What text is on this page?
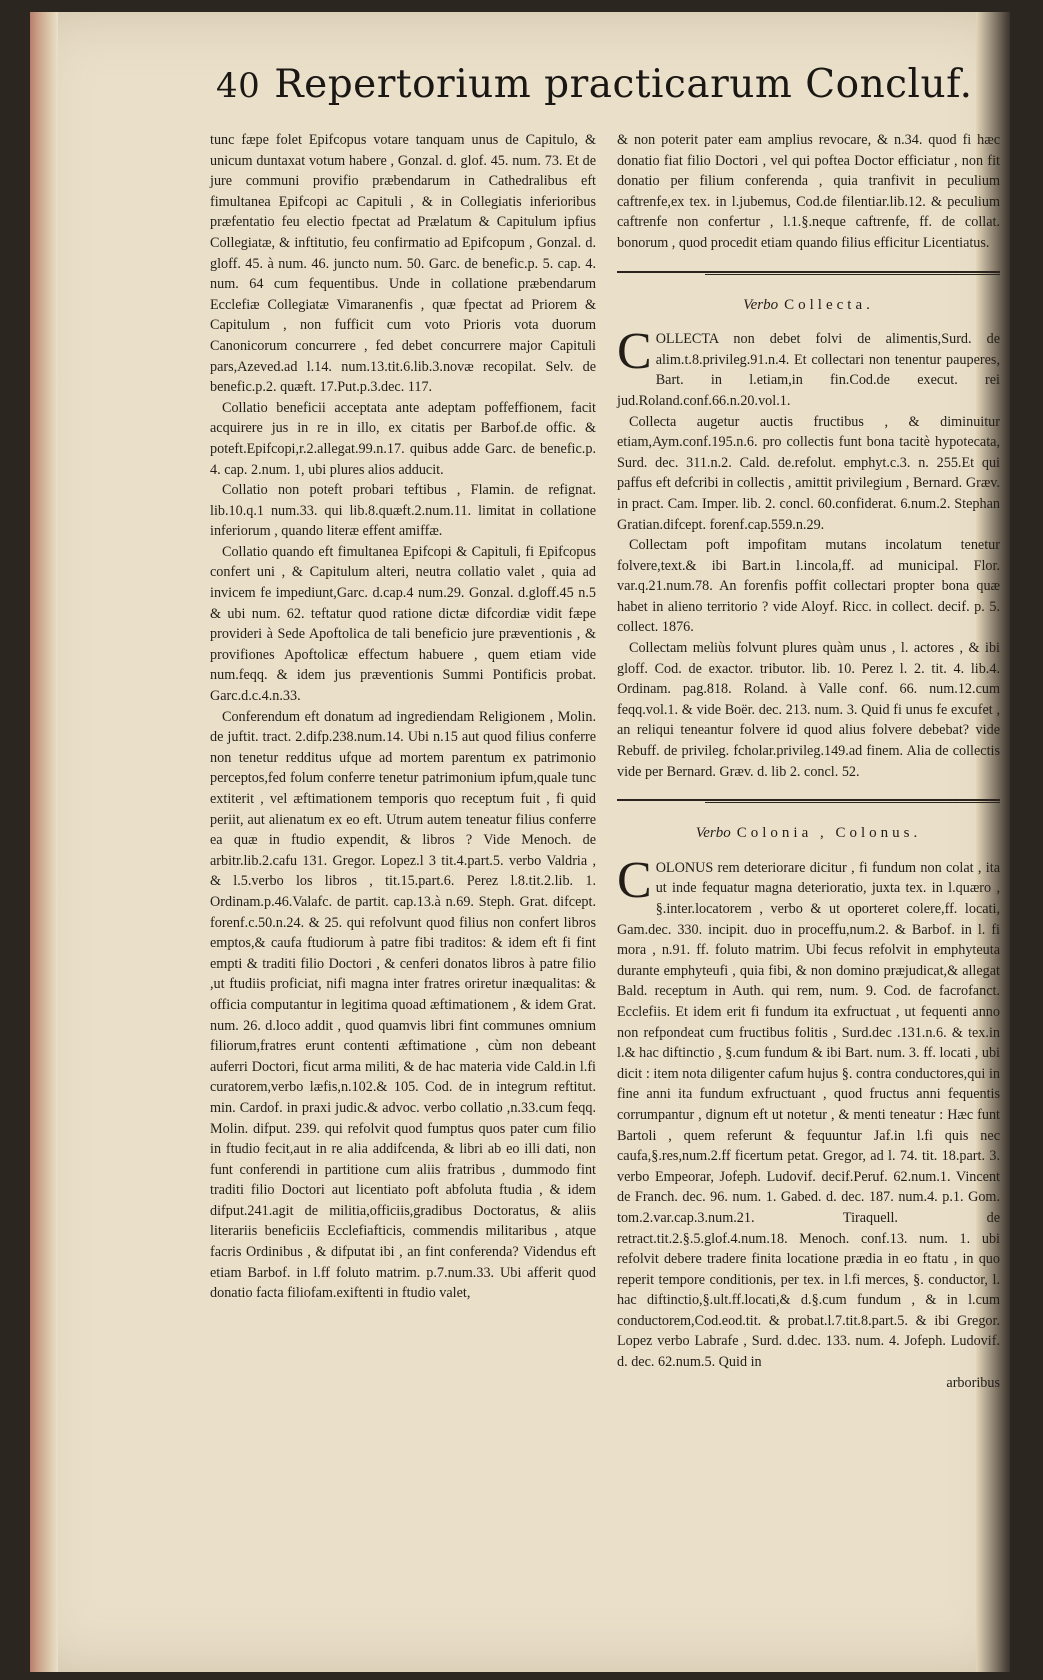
40 Repertorium practicarum Concluf.

tunc fæpe folet Epifcopus votare tanquam unus de Capitulo, & unicum duntaxat votum habere , Gonzal. d. glof. 45. num. 73. Et de jure communi provifio præbendarum in Cathedralibus eft fimultanea Epifcopi ac Capituli , & in Collegiatis inferioribus præfentatio feu electio fpectat ad Prælatum & Capitulum ipfius Collegiatæ, & inftitutio, feu confirmatio ad Epifcopum , Gonzal. d. gloff. 45. à num. 46. juncto num. 50. Garc. de benefic.p. 5. cap. 4. num. 64 cum fequentibus. Unde in collatione præbendarum Ecclefiæ Collegiatæ Vimaranenfis , quæ fpectat ad Priorem & Capitulum , non fufficit cum voto Prioris vota duorum Canonicorum concurrere , fed debet concurrere major Capituli pars,Azeved.ad l.14. num.13.tit.6.lib.3.novæ recopilat. Selv. de benefic.p.2. quæft. 17.Put.p.3.dec. 117.

Collatio beneficii acceptata ante adeptam poffeffionem, facit acquirere jus in re in illo, ex citatis per Barbof.de offic. & poteft.Epifcopi,r.2.allegat.99.n.17. quibus adde Garc. de benefic.p. 4. cap. 2.num. 1, ubi plures alios adducit.

Collatio non poteft probari teftibus , Flamin. de refignat. lib.10.q.1 num.33. qui lib.8.quæft.2.num.11. limitat in collatione inferiorum , quando literæ effent amiffæ.

Collatio quando eft fimultanea Epifcopi & Capituli, fi Epifcopus confert uni , & Capitulum alteri, neutra collatio valet , quia ad invicem fe impediunt,Garc. d.cap.4 num.29. Gonzal. d.gloff.45 n.5 & ubi num. 62. teftatur quod ratione dictæ difcordiæ vidit fæpe provideri à Sede Apoftolica de tali beneficio jure præventionis , & provifiones Apoftolicæ effectum habuere , quem etiam vide num.feqq. & idem jus præventionis Summi Pontificis probat. Garc.d.c.4.n.33.

Conferendum eft donatum ad ingrediendam Religionem , Molin. de juftit. tract. 2.difp.238.num.14. Ubi n.15 aut quod filius conferre non tenetur redditus ufque ad mortem parentum ex patrimonio perceptos,fed folum conferre tenetur patrimonium ipfum,quale tunc extiterit , vel æftimationem temporis quo receptum fuit , fi quid periit, aut alienatum ex eo eft. Utrum autem teneatur filius conferre ea quæ in ftudio expendit, & libros ? Vide Menoch. de arbitr.lib.2.cafu 131. Gregor. Lopez.l 3 tit.4.part.5. verbo Valdria , & l.5.verbo los libros , tit.15.part.6. Perez l.8.tit.2.lib. 1. Ordinam.p.46.Valafc. de partit. cap.13.à n.69. Steph. Grat. difcept. forenf.c.50.n.24. & 25. qui refolvunt quod filius non confert libros emptos,& caufa ftudiorum à patre fibi traditos: & idem eft fi fint empti & traditi filio Doctori , & cenferi donatos libros à patre filio ,ut ftudiis proficiat, nifi magna inter fratres oriretur inæqualitas: & officia computantur in legitima quoad æftimationem , & idem Grat. num. 26. d.loco addit , quod quamvis libri fint communes omnium filiorum,fratres erunt contenti æftimatione , cùm non debeant auferri Doctori, ficut arma militi, & de hac materia vide Cald.in l.fi curatorem,verbo læfis,n.102.& 105. Cod. de in integrum reftitut. min. Cardof. in praxi judic.& advoc. verbo collatio ,n.33.cum feqq. Molin. difput. 239. qui refolvit quod fumptus quos pater cum filio in ftudio fecit,aut in re alia addifcenda, & libri ab eo illi dati, non funt conferendi in partitione cum aliis fratribus , dummodo fint traditi filio Doctori aut licentiato poft abfoluta ftudia , & idem difput.241.agit de militia,officiis,gradibus Doctoratus, & aliis literariis beneficiis Ecclefiafticis, commendis militaribus , atque facris Ordinibus , & difputat ibi , an fint conferenda? Videndus eft etiam Barbof. in l.ff foluto matrim. p.7.num.33. Ubi afferit quod donatio facta filiofam.exiftenti in ftudio valet,

& non poterit pater eam amplius revocare, & n.34. quod fi hæc donatio fiat filio Doctori , vel qui poftea Doctor efficiatur , non fit donatio per filium conferenda , quia tranfivit in peculium caftrenfe,ex tex. in l.jubemus, Cod.de filentiar.lib.12. & peculium caftrenfe non confertur , l.1.§.neque caftrenfe, ff. de collat. bonorum , quod procedit etiam quando filius efficitur Licentiatus.

Verbo Collecta.

COLLECTA non debet folvi de alimentis,Surd. de alim.t.8.privileg.91.n.4. Et collectari non tenentur pauperes, Bart. in l.etiam,in fin.Cod.de execut. rei jud.Roland.conf.66.n.20.vol.1.

Collecta augetur auctis fructibus , & diminuitur etiam,Aym.conf.195.n.6. pro collectis funt bona tacitè hypotecata, Surd. dec. 311.n.2. Cald. de.refolut. emphyt.c.3. n. 255.Et qui paffus eft defcribi in collectis , amittit privilegium , Bernard. Græv. in pract. Cam. Imper. lib. 2. concl. 60.confiderat. 6.num.2. Stephan Gratian.difcept. forenf.cap.559.n.29.

Collectam poft impofitam mutans incolatum tenetur folvere,text.& ibi Bart.in l.incola,ff. ad municipal. Flor. var.q.21.num.78. An forenfis poffit collectari propter bona quæ habet in alieno territorio ? vide Aloyf. Ricc. in collect. decif. p. 5. collect. 1876.

Collectam meliùs folvunt plures quàm unus , l. actores , & ibi gloff. Cod. de exactor. tributor. lib. 10. Perez l. 2. tit. 4. lib.4. Ordinam. pag.818. Roland. à Valle conf. 66. num.12.cum feqq.vol.1. & vide Boër. dec. 213. num. 3. Quid fi unus fe excufet , an reliqui teneantur folvere id quod alius folvere debebat? vide Rebuff. de privileg. fcholar.privileg.149.ad finem. Alia de collectis vide per Bernard. Græv. d. lib 2. concl. 52.

Verbo Colonia , Colonus.

COLONUS rem deteriorare dicitur , fi fundum non colat , ita ut inde fequatur magna deterioratio, juxta tex. in l.quæro , §.inter.locatorem , verbo & ut oporteret colere,ff. locati, Gam.dec. 330. incipit. duo in proceffu,num.2. & Barbof. in l. fi mora , n.91. ff. foluto matrim. Ubi fecus refolvit in emphyteuta durante emphyteufi , quia fibi, & non domino præjudicat,& allegat Bald. receptum in Auth. qui rem, num. 9. Cod. de facrofanct. Ecclefiis. Et idem erit fi fundum ita exfructuat , ut fequenti anno non refpondeat cum fructibus folitis , Surd.dec .131.n.6. & tex.in l.& hac diftinctio , §.cum fundum & ibi Bart. num. 3. ff. locati , ubi dicit : item nota diligenter cafum hujus §. contra conductores,qui in fine anni ita fundum exfructuant , quod fructus anni fequentis corrumpantur , dignum eft ut notetur , & menti teneatur : Hæc funt Bartoli , quem referunt & fequuntur Jaf.in l.fi quis nec caufa,§.res,num.2.ff ficertum petat. Gregor, ad l. 74. tit. 18.part. 3. verbo Empeorar, Jofeph. Ludovif. decif.Peruf. 62.num.1. Vincent de Franch. dec. 96. num. 1. Gabed. d. dec. 187. num.4. p.1. Gom. tom.2.var.cap.3.num.21. Tiraquell. de retract.tit.2.§.5.glof.4.num.18. Menoch. conf.13. num. 1. ubi refolvit debere tradere finita locatione prædia in eo ftatu , in quo reperit tempore conditionis, per tex. in l.fi merces, §. conductor, l. hac diftinctio,§.ult.ff.locati,& d.§.cum fundum , & in l.cum conductorem,Cod.eod.tit. & probat.l.7.tit.8.part.5. & ibi Gregor. Lopez verbo Labrafe , Surd. d.dec. 133. num. 4. Jofeph. Ludovif. d. dec. 62.num.5. Quid in

arboribus
